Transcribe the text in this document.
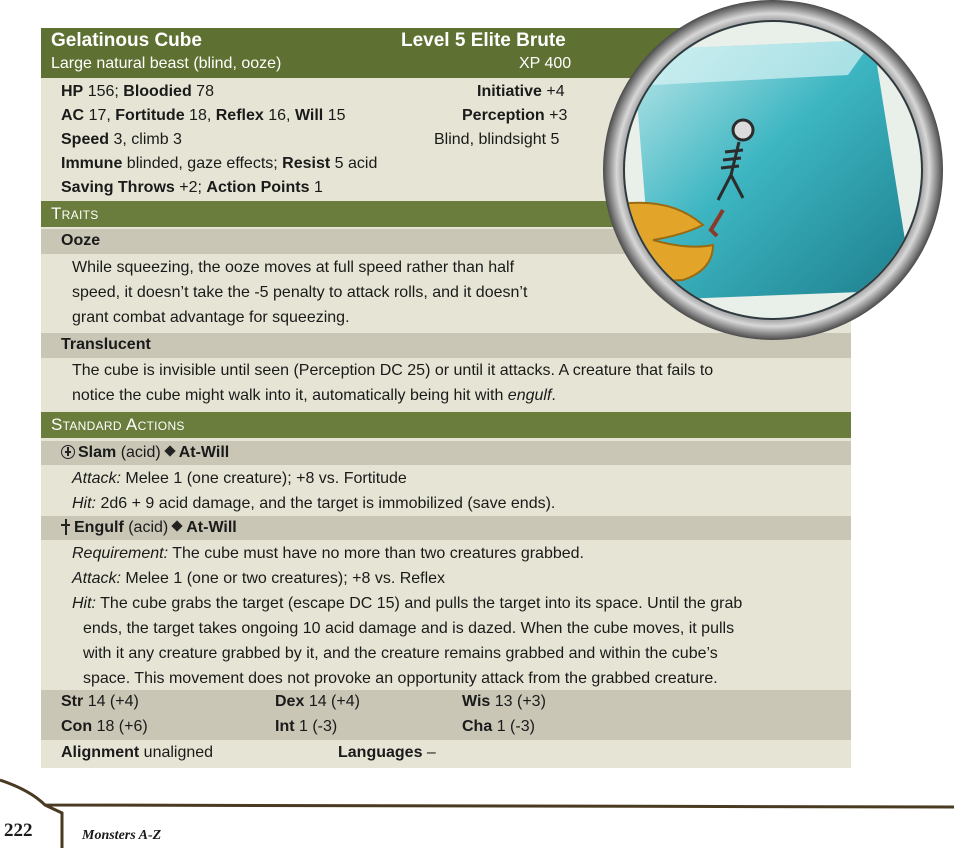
Gelatinous Cube	Level 5 Elite Brute
Large natural beast (blind, ooze)	XP 400
HP 156; Bloodied 78	Initiative +4
AC 17, Fortitude 18, Reflex 16, Will 15	Perception +3
Speed 3, climb 3	Blind, blindsight 5
Immune blinded, gaze effects; Resist 5 acid
Saving Throws +2; Action Points 1
Traits
Ooze
While squeezing, the ooze moves at full speed rather than half
speed, it doesn’t take the -5 penalty to attack rolls, and it doesn’t
grant combat advantage for squeezing.
Translucent
The cube is invisible until seen (Perception DC 25) or until it attacks. A creature that fails to
notice the cube might walk into it, automatically being hit with engulf.
Standard Actions
Slam (acid) At-Will
Attack: Melee 1 (one creature); +8 vs. Fortitude
Hit: 2d6 + 9 acid damage, and the target is immobilized (save ends).
Engulf (acid) At-Will
Requirement: The cube must have no more than two creatures grabbed.
Attack: Melee 1 (one or two creatures); +8 vs. Reflex
Hit: The cube grabs the target (escape DC 15) and pulls the target into its space. Until the grab
ends, the target takes ongoing 10 acid damage and is dazed. When the cube moves, it pulls
with it any creature grabbed by it, and the creature remains grabbed and within the cube’s
space. This movement does not provoke an opportunity attack from the grabbed creature.
Str 14 (+4)	Dex 14 (+4)	Wis 13 (+3)
Con 18 (+6)	Int 1 (-3)	Cha 1 (-3)
Alignment unaligned	Languages –
222	Monsters A-Z
